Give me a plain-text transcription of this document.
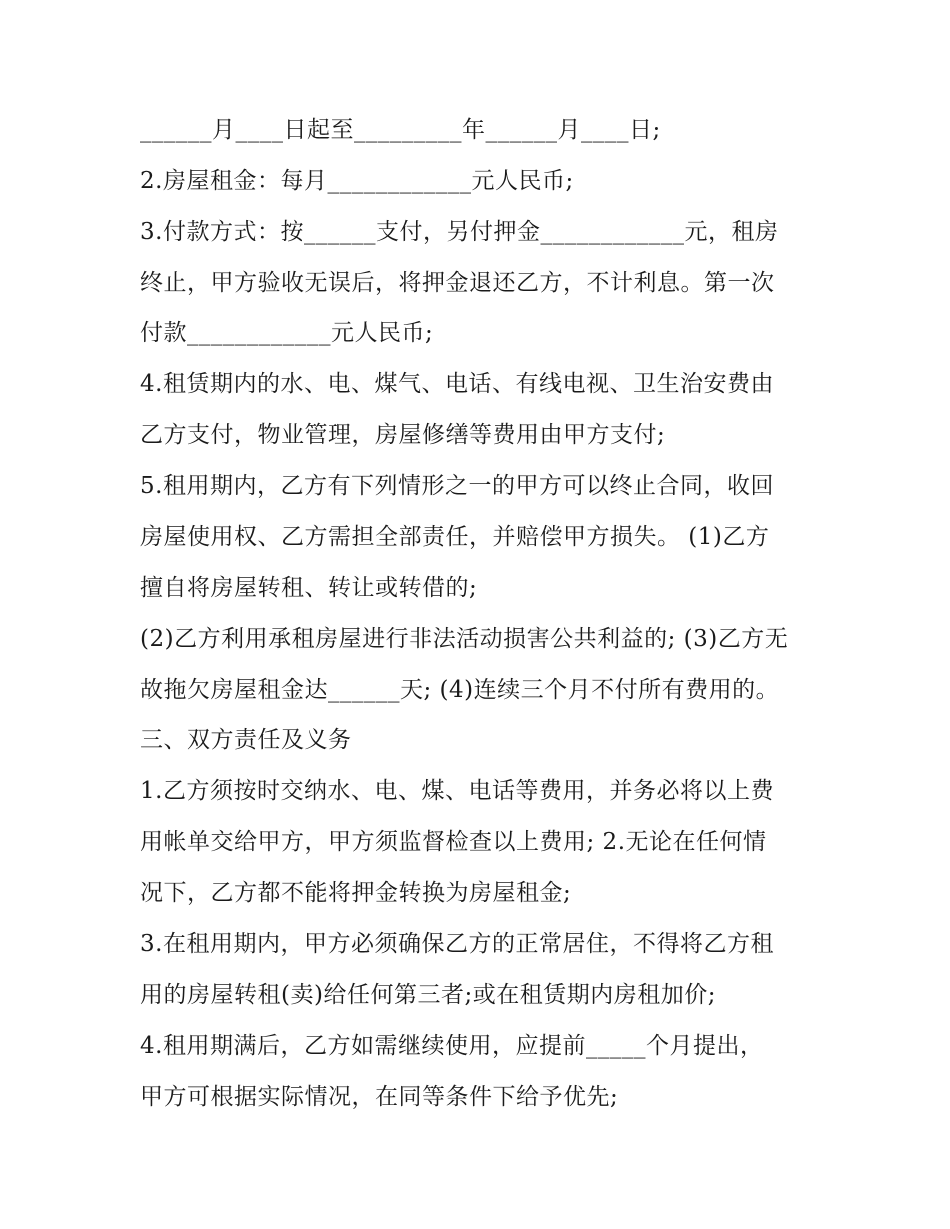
______月____日起至_________年______月____日;
2.房屋租金：每月____________元人民币;
3.付款方式：按______支付，另付押金____________元，租房
终止，甲方验收无误后，将押金退还乙方，不计利息。第一次
付款____________元人民币;
4.租赁期内的水、电、煤气、电话、有线电视、卫生治安费由
乙方支付，物业管理，房屋修缮等费用由甲方支付;
5.租用期内，乙方有下列情形之一的甲方可以终止合同，收回
房屋使用权、乙方需担全部责任，并赔偿甲方损失。 (1)乙方
擅自将房屋转租、转让或转借的;
(2)乙方利用承租房屋进行非法活动损害公共利益的; (3)乙方无
故拖欠房屋租金达______天; (4)连续三个月不付所有费用的。
三、双方责任及义务
1.乙方须按时交纳水、电、煤、电话等费用，并务必将以上费
用帐单交给甲方，甲方须监督检查以上费用; 2.无论在任何情
况下，乙方都不能将押金转换为房屋租金;
3.在租用期内，甲方必须确保乙方的正常居住，不得将乙方租
用的房屋转租(卖)给任何第三者;或在租赁期内房租加价;
4.租用期满后，乙方如需继续使用，应提前_____个月提出，
甲方可根据实际情况，在同等条件下给予优先;
